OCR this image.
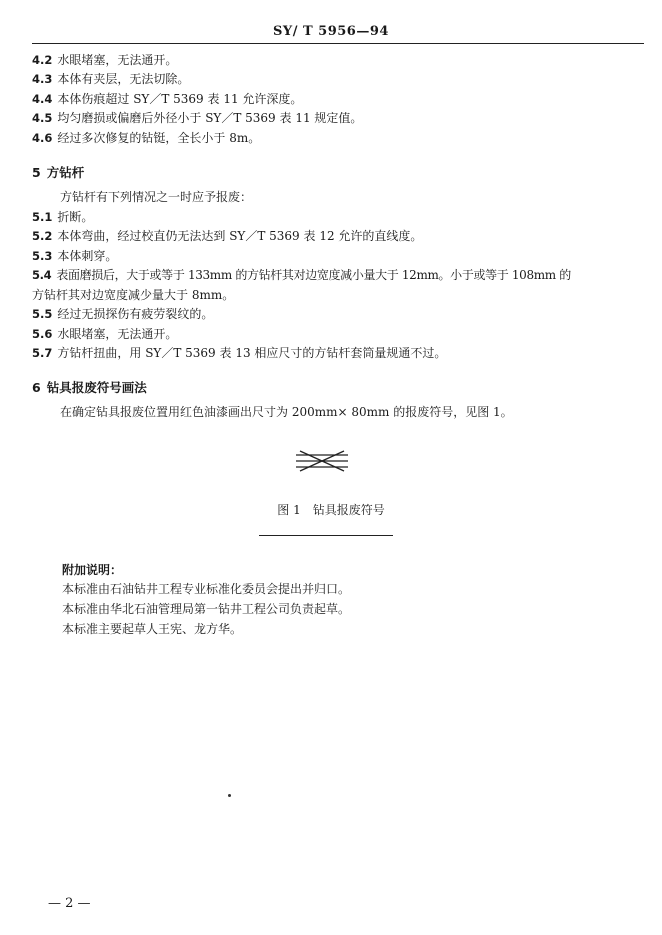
SY/ T 5956—94
4.2 水眼堵塞，无法通开。
4.3 本体有夹层，无法切除。
4.4 本体伤痕超过 SY／T 5369 表 11 允许深度。
4.5 均匀磨损或偏磨后外径小于 SY／T 5369 表 11 规定值。
4.6 经过多次修复的钻铤，全长小于 8m。
5 方钻杆
方钻杆有下列情况之一时应予报废：
5.1 折断。
5.2 本体弯曲，经过校直仍无法达到 SY／T 5369 表 12 允许的直线度。
5.3 本体刺穿。
5.4 表面磨损后，大于或等于 133mm 的方钻杆其对边宽度减小量大于 12mm。小于或等于 108mm 的
方钻杆其对边宽度减少量大于 8mm。
5.5 经过无损探伤有疲劳裂纹的。
5.6 水眼堵塞，无法通开。
5.7 方钻杆扭曲，用 SY／T 5369 表 13 相应尺寸的方钻杆套筒量规通不过。
6 钻具报废符号画法
在确定钻具报废位置用红色油漆画出尺寸为 200mm× 80mm 的报废符号，见图 1。
图 1　钻具报废符号
附加说明：
本标准由石油钻井工程专业标准化委员会提出并归口。
本标准由华北石油管理局第一钻井工程公司负责起草。
本标准主要起草人王宪、龙方华。
— 2 —
